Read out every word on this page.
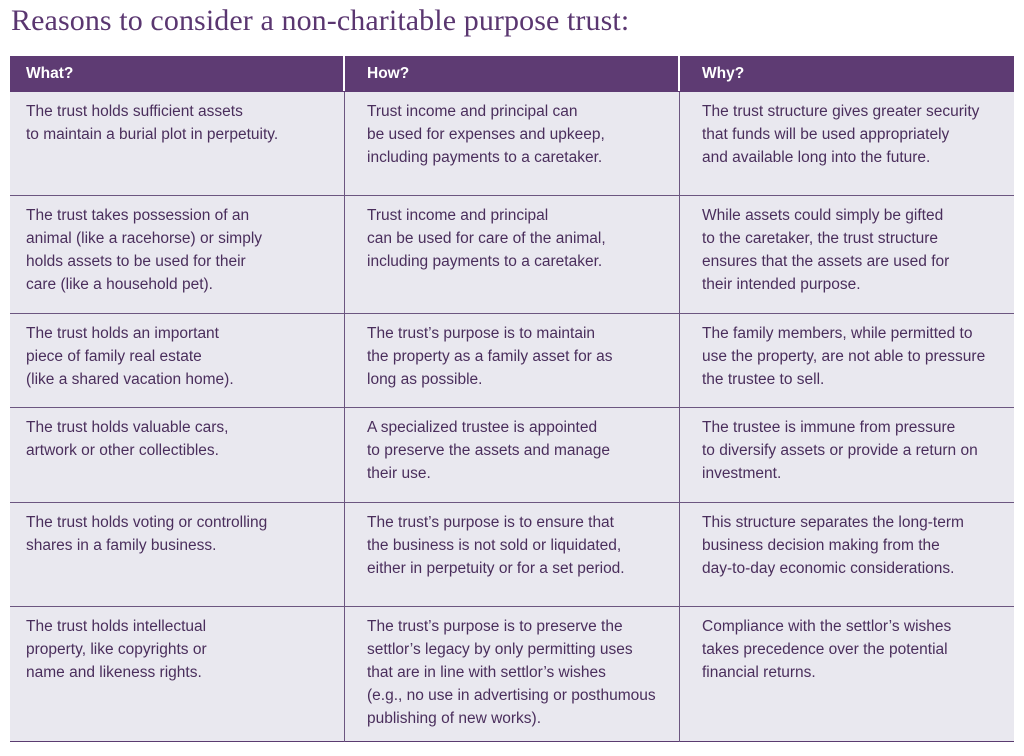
Reasons to consider a non-charitable purpose trust:
What?	How?	Why?
The trust holds sufficient assets
to maintain a burial plot in perpetuity.
Trust income and principal can
be used for expenses and upkeep,
including payments to a caretaker.
The trust structure gives greater security
that funds will be used appropriately
and available long into the future.
The trust takes possession of an
animal (like a racehorse) or simply
holds assets to be used for their
care (like a household pet).
Trust income and principal
can be used for care of the animal,
including payments to a caretaker.
While assets could simply be gifted
to the caretaker, the trust structure
ensures that the assets are used for
their intended purpose.
The trust holds an important
piece of family real estate
(like a shared vacation home).
The trust’s purpose is to maintain
the property as a family asset for as
long as possible.
The family members, while permitted to
use the property, are not able to pressure
the trustee to sell.
The trust holds valuable cars,
artwork or other collectibles.
A specialized trustee is appointed
to preserve the assets and manage
their use.
The trustee is immune from pressure
to diversify assets or provide a return on
investment.
The trust holds voting or controlling
shares in a family business.
The trust’s purpose is to ensure that
the business is not sold or liquidated,
either in perpetuity or for a set period.
This structure separates the long-term
business decision making from the
day-to-day economic considerations.
The trust holds intellectual
property, like copyrights or
name and likeness rights.
The trust’s purpose is to preserve the
settlor’s legacy by only permitting uses
that are in line with settlor’s wishes
(e.g., no use in advertising or posthumous
publishing of new works).
Compliance with the settlor’s wishes
takes precedence over the potential
financial returns.
